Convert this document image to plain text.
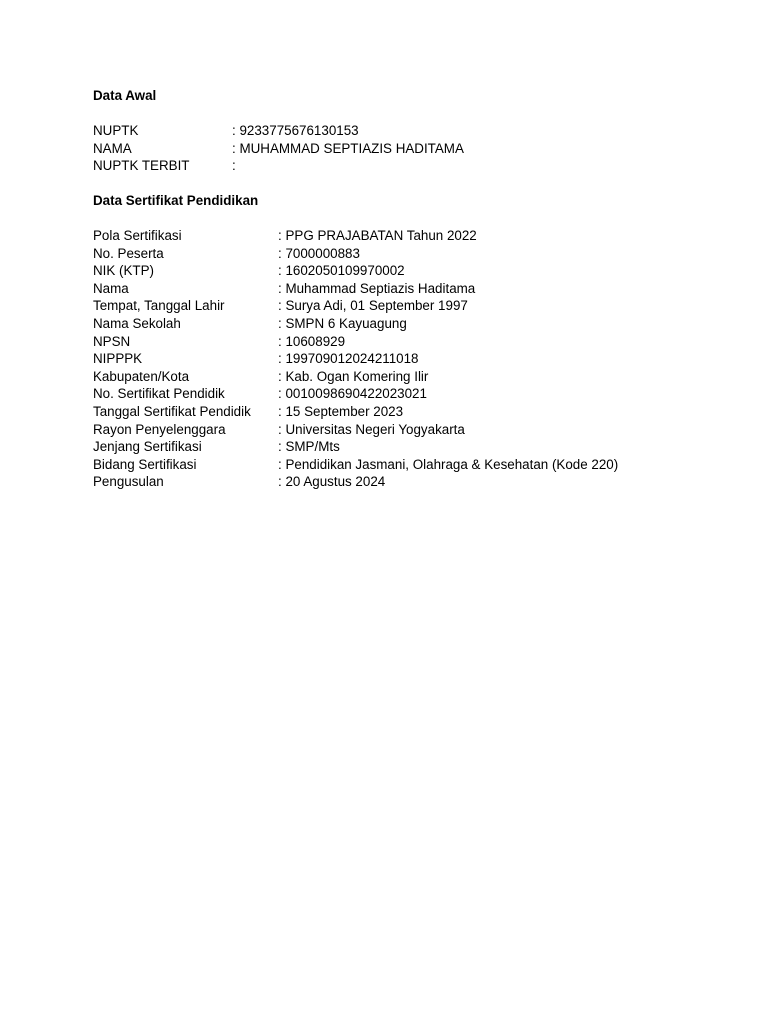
Data Awal
NUPTK	: 9233775676130153
NAMA	: MUHAMMAD SEPTIAZIS HADITAMA
NUPTK TERBIT	:
Data Sertifikat Pendidikan
Pola Sertifikasi	: PPG PRAJABATAN Tahun 2022
No. Peserta	: 7000000883
NIK (KTP)	: 1602050109970002
Nama	: Muhammad Septiazis Haditama
Tempat, Tanggal Lahir	: Surya Adi, 01 September 1997
Nama Sekolah	: SMPN 6 Kayuagung
NPSN	: 10608929
NIPPPK	: 199709012024211018
Kabupaten/Kota	: Kab. Ogan Komering Ilir
No. Sertifikat Pendidik	: 0010098690422023021
Tanggal Sertifikat Pendidik : 15 September 2023
Rayon Penyelenggara	: Universitas Negeri Yogyakarta
Jenjang Sertifikasi	: SMP/Mts
Bidang Sertifikasi	: Pendidikan Jasmani, Olahraga & Kesehatan (Kode 220)
Pengusulan	: 20 Agustus 2024
